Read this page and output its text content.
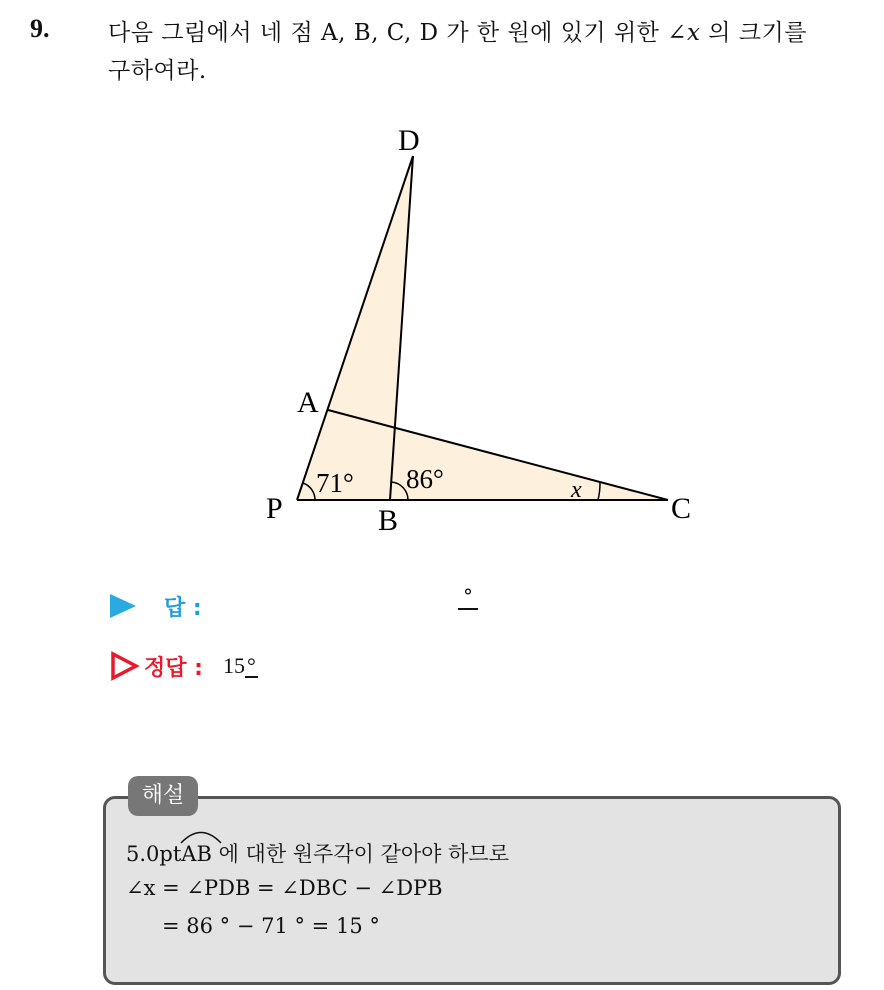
9.	다음 그림에서 네 점 A, B, C, D 가 한 원에 있기 위한 ∠x 의 크기를
구하여라.
D
A
P	B	C
71° 86°	x
답 :	°
정답 : 15°
해설
5.0pt
AB 에 대한 원주각이 같아야 하므로
∠x = ∠PDB = ∠DBC − ∠DPB
= 86 ° − 71 ° = 15 °
